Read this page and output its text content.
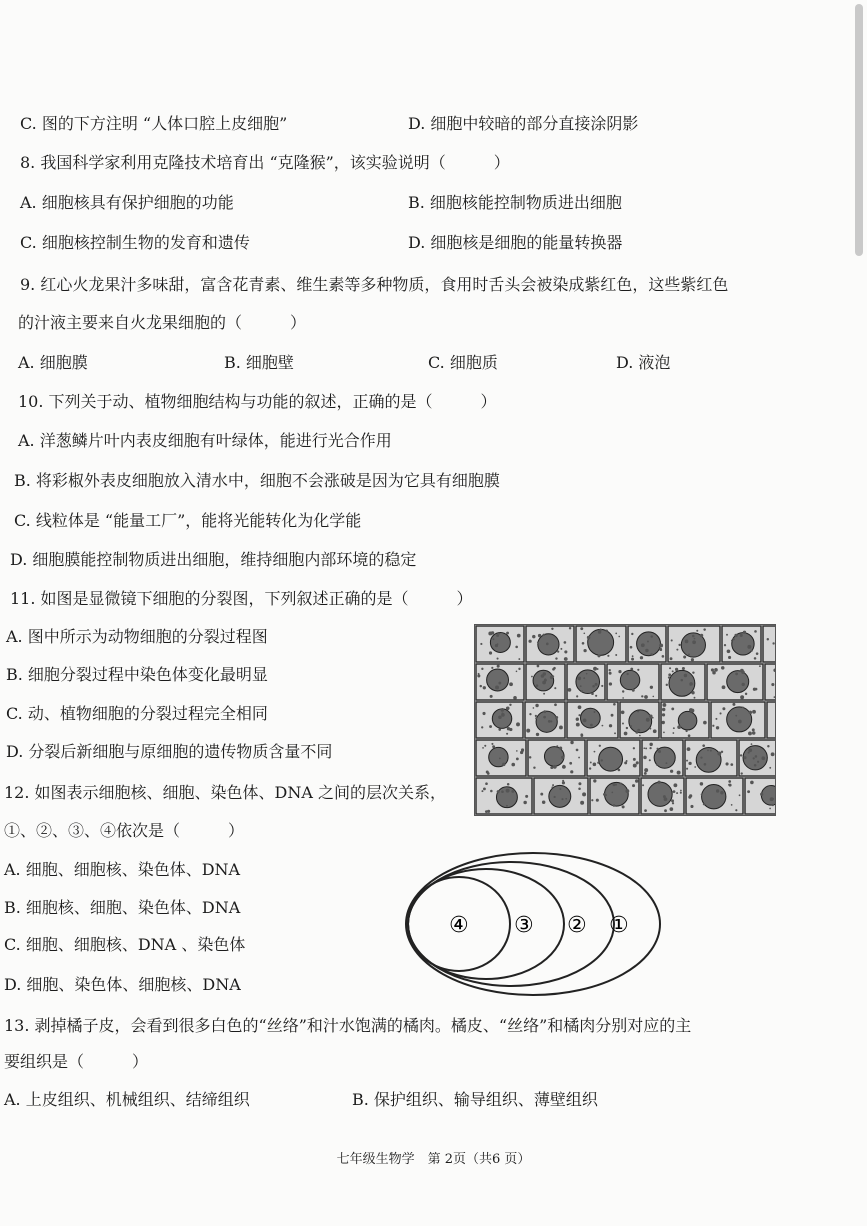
C. 图的下方注明 “人体口腔上皮细胞”	D. 细胞中较暗的部分直接涂阴影
8. 我国科学家利用克隆技术培育出 “克隆猴”，该实验说明（　　　）
A. 细胞核具有保护细胞的功能	B. 细胞核能控制物质进出细胞
C. 细胞核控制生物的发育和遗传	D. 细胞核是细胞的能量转换器
9. 红心火龙果汁多味甜，富含花青素、维生素等多种物质，食用时舌头会被染成紫红色，这些紫红色
的汁液主要来自火龙果细胞的（　　　）
A. 细胞膜	B. 细胞壁	C. 细胞质	D. 液泡
10. 下列关于动、植物细胞结构与功能的叙述，正确的是（　　　）
A. 洋葱鳞片叶内表皮细胞有叶绿体，能进行光合作用
B. 将彩椒外表皮细胞放入清水中，细胞不会涨破是因为它具有细胞膜
C. 线粒体是 “能量工厂”，能将光能转化为化学能
D. 细胞膜能控制物质进出细胞，维持细胞内部环境的稳定
11. 如图是显微镜下细胞的分裂图，下列叙述正确的是（　　　）
A. 图中所示为动物细胞的分裂过程图
B. 细胞分裂过程中染色体变化最明显
C. 动、植物细胞的分裂过程完全相同
D. 分裂后新细胞与原细胞的遗传物质含量不同
12. 如图表示细胞核、细胞、染色体、DNA 之间的层次关系，
①、②、③、④依次是（　　　）
A. 细胞、细胞核、染色体、DNA
B. 细胞核、细胞、染色体、DNA
C. 细胞、细胞核、DNA 、染色体
D. 细胞、染色体、细胞核、DNA
13. 剥掉橘子皮，会看到很多白色的“丝络”和汁水饱满的橘肉。橘皮、“丝络”和橘肉分别对应的主
要组织是（　　　）
A. 上皮组织、机械组织、结缔组织	B. 保护组织、输导组织、薄壁组织
①
②
③
④
七年级生物学　第 2页（共6 页）
